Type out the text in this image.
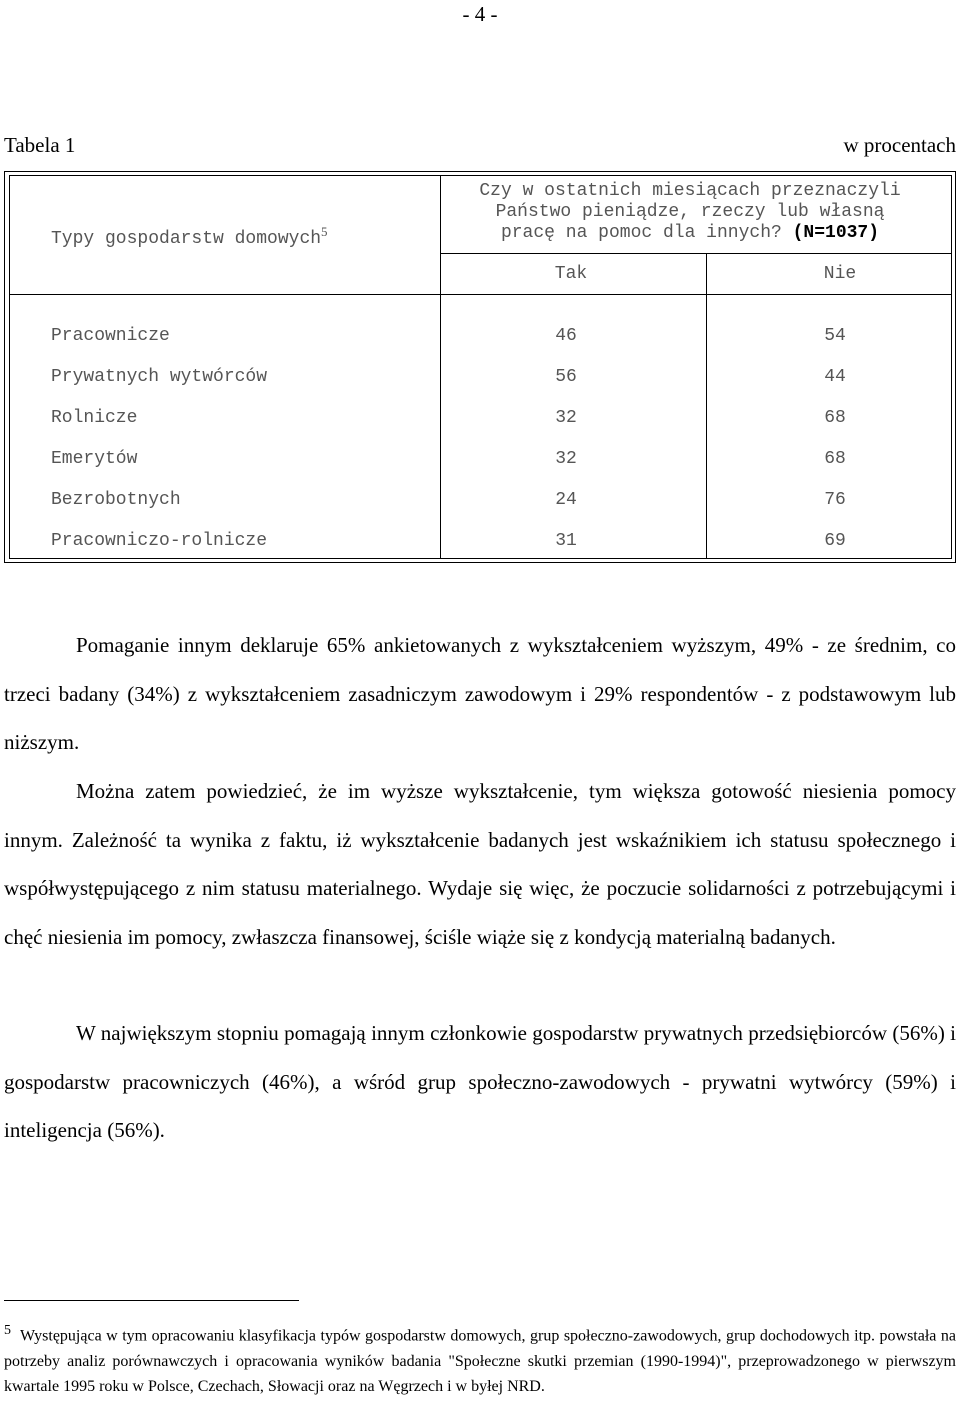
- 4 -
Tabela 1	w procentach
Typy gospodarstw domowych$^5$
Czy w ostatnich miesiącach przeznaczyli
Państwo pieniądze, rzeczy lub własną
pracę na pomoc dla innych? (N=1037)
Tak	Nie
Pracownicze	46	54
Prywatnych wytwórców	56	44
Rolnicze	32	68
Emerytów	32	68
Bezrobotnych	24	76
Pracowniczo-rolnicze	31	69

Pomaganie innym deklaruje 65% ankietowanych z wykształceniem wyższym, 49% - ze średnim, co trzeci badany (34%) z wykształceniem zasadniczym zawodowym i 29% respondentów - z podstawowym lub niższym.

Można zatem powiedzieć, że im wyższe wykształcenie, tym większa gotowość niesienia pomocy innym. Zależność ta wynika z faktu, iż wykształcenie badanych jest wskaźnikiem ich statusu społecznego i współwystępującego z nim statusu materialnego. Wydaje się więc, że poczucie solidarności z potrzebującymi i chęć niesienia im pomocy, zwłaszcza finansowej, ściśle wiąże się z kondycją materialną badanych.

W największym stopniu pomagają innym członkowie gospodarstw prywatnych przedsiębiorców (56%) i gospodarstw pracowniczych (46%), a wśród grup społeczno-zawodowych - prywatni wytwórcy (59%) i inteligencja (56%).

$^5$ Występująca w tym opracowaniu klasyfikacja typów gospodarstw domowych, grup społeczno-zawodowych, grup dochodowych itp. powstała na potrzeby analiz porównawczych i opracowania wyników badania "Społeczne skutki przemian (1990-1994)", przeprowadzonego w pierwszym kwartale 1995 roku w Polsce, Czechach, Słowacji oraz na Węgrzech i w byłej NRD.
